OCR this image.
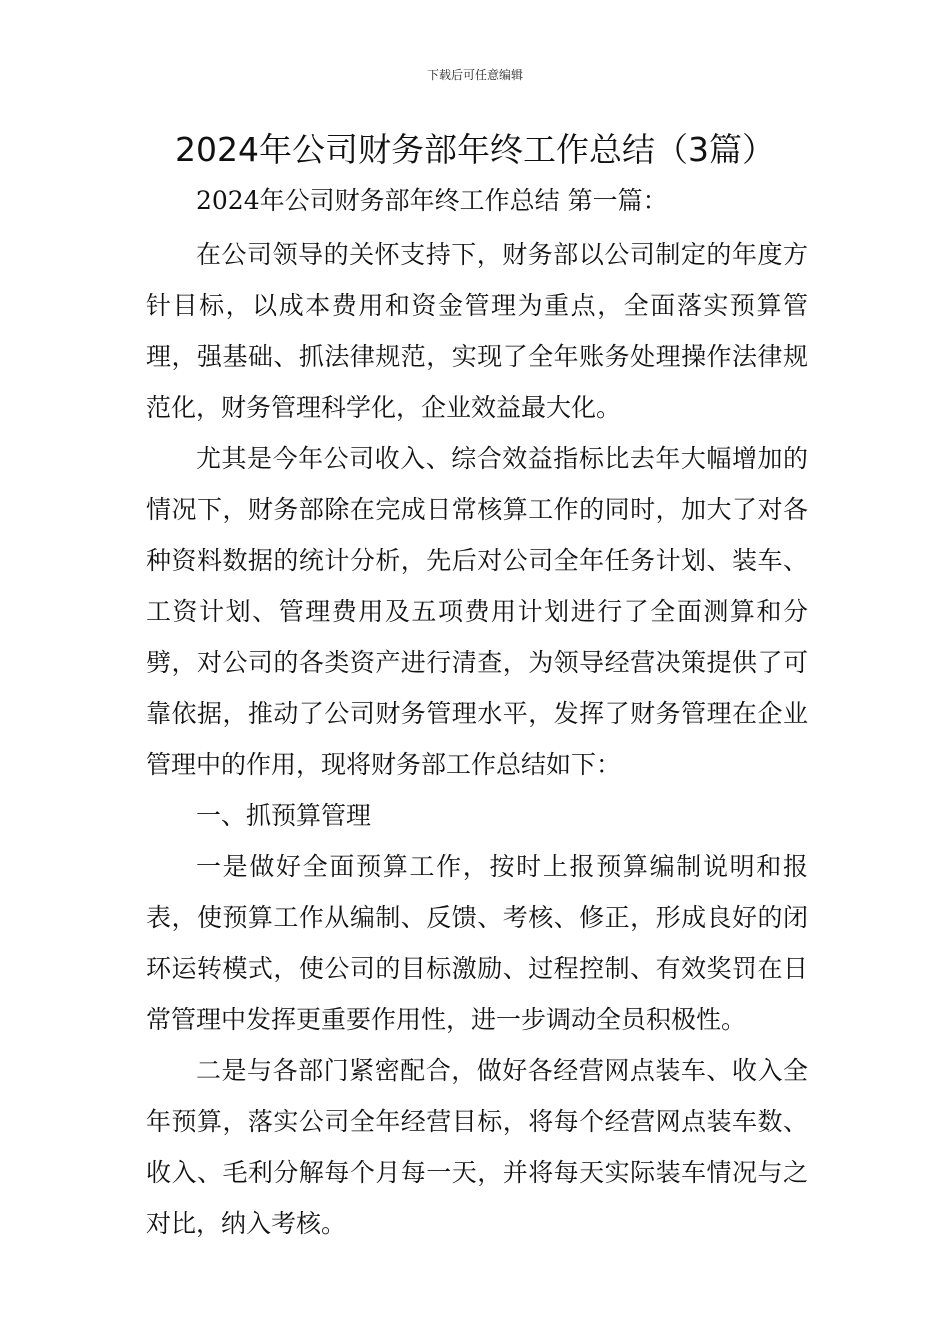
下载后可任意编辑
2024年公司财务部年终工作总结（3篇）

2024年公司财务部年终工作总结 第一篇：

在公司领导的关怀支持下，财务部以公司制定的年度方针目标，以成本费用和资金管理为重点，全面落实预算管理，强基础、抓法律规范，实现了全年账务处理操作法律规范化，财务管理科学化，企业效益最大化。

尤其是今年公司收入、综合效益指标比去年大幅增加的情况下，财务部除在完成日常核算工作的同时，加大了对各种资料数据的统计分析，先后对公司全年任务计划、装车、工资计划、管理费用及五项费用计划进行了全面测算和分劈，对公司的各类资产进行清查，为领导经营决策提供了可靠依据，推动了公司财务管理水平，发挥了财务管理在企业管理中的作用，现将财务部工作总结如下：

一、抓预算管理

一是做好全面预算工作，按时上报预算编制说明和报表，使预算工作从编制、反馈、考核、修正，形成良好的闭环运转模式，使公司的目标激励、过程控制、有效奖罚在日常管理中发挥更重要作用性，进一步调动全员积极性。

二是与各部门紧密配合，做好各经营网点装车、收入全年预算，落实公司全年经营目标，将每个经营网点装车数、收入、毛利分解每个月每一天，并将每天实际装车情况与之对比，纳入考核。
